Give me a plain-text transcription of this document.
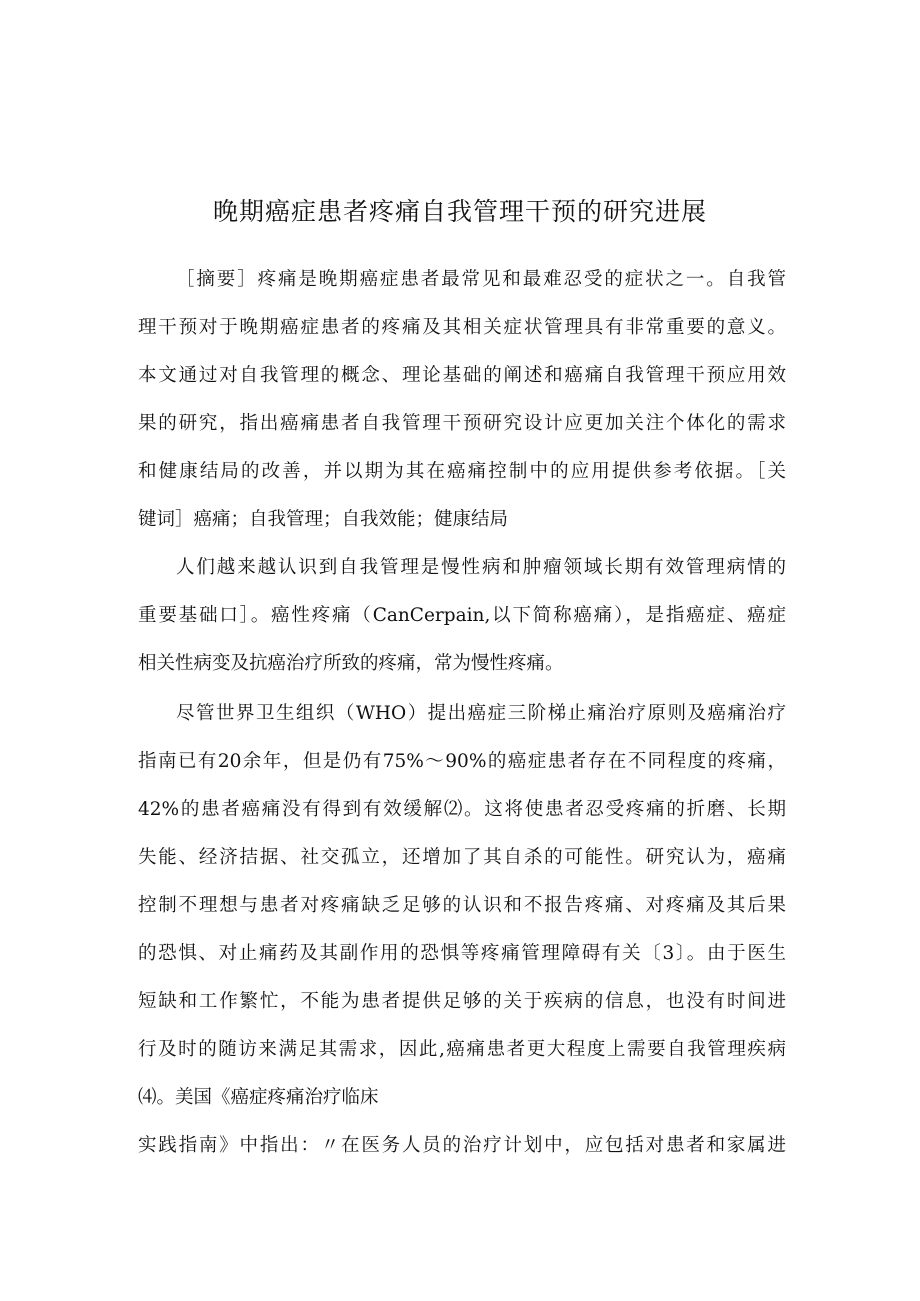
晚期癌症患者疼痛自我管理干预的研究进展
［摘要］疼痛是晚期癌症患者最常见和最难忍受的症状之一。自我管
理干预对于晚期癌症患者的疼痛及其相关症状管理具有非常重要的意义。
本文通过对自我管理的概念、理论基础的阐述和癌痛自我管理干预应用效
果的研究，指出癌痛患者自我管理干预研究设计应更加关注个体化的需求
和健康结局的改善，并以期为其在癌痛控制中的应用提供参考依据。［关
键词］癌痛；自我管理；自我效能；健康结局
人们越来越认识到自我管理是慢性病和肿瘤领域长期有效管理病情的
重要基础口］。癌性疼痛（CanCerpain,以下简称癌痛），是指癌症、癌症
相关性病变及抗癌治疗所致的疼痛，常为慢性疼痛。
尽管世界卫生组织（WHO）提出癌症三阶梯止痛治疗原则及癌痛治疗
指南已有20余年，但是仍有75%～90%的癌症患者存在不同程度的疼痛，
42%的患者癌痛没有得到有效缓解⑵。这将使患者忍受疼痛的折磨、长期
失能、经济拮据、社交孤立，还增加了其自杀的可能性。研究认为，癌痛
控制不理想与患者对疼痛缺乏足够的认识和不报告疼痛、对疼痛及其后果
的恐惧、对止痛药及其副作用的恐惧等疼痛管理障碍有关〔3〕。由于医生
短缺和工作繁忙，不能为患者提供足够的关于疾病的信息，也没有时间进
行及时的随访来满足其需求，因此,癌痛患者更大程度上需要自我管理疾病
⑷。美国《癌症疼痛治疗临床
实践指南》中指出：〃在医务人员的治疗计划中，应包括对患者和家属进
